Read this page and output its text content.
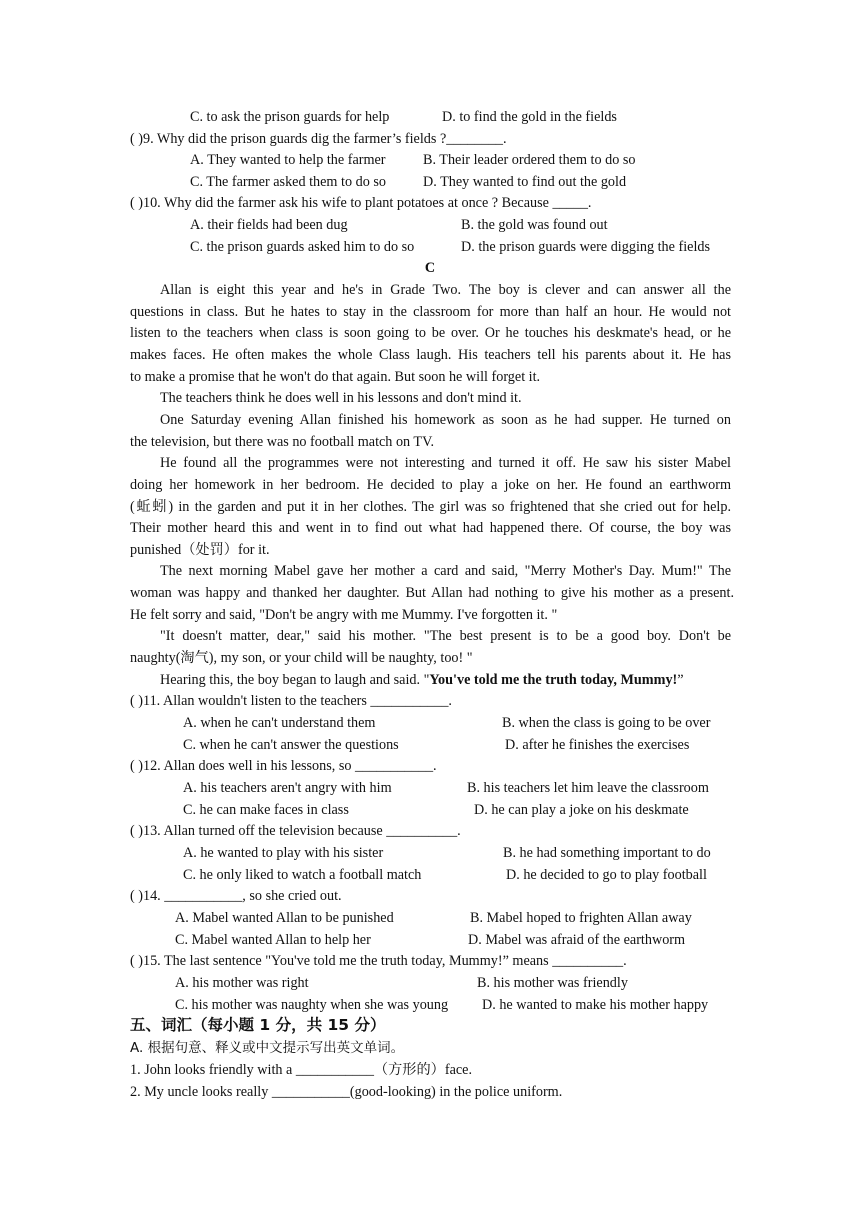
C. to ask the prison guards for help	D. to find the gold in the fields
( )9. Why did the prison guards dig the farmer’s fields ?________.
A. They wanted to help the farmer	B. Their leader ordered them to do so
C. The farmer asked them to do so	D. They wanted to find out the gold
( )10. Why did the farmer ask his wife to plant potatoes at once ? Because _____.
A. their fields had been dug	B. the gold was found out
C. the prison guards asked him to do so	D. the prison guards were digging the fields
C
Allan is eight this year and he's in Grade Two. The boy is clever and can answer all the
questions in class. But he hates to stay in the classroom for more than half an hour. He would not
listen to the teachers when class is soon going to be over. Or he touches his deskmate's head, or he
makes faces. He often makes the whole Class laugh. His teachers tell his parents about it. He has
to make a promise that he won't do that again. But soon he will forget it.
The teachers think he does well in his lessons and don't mind it.
One Saturday evening Allan finished his homework as soon as he had supper. He turned on
the television, but there was no football match on TV.
He found all the programmes were not interesting and turned it off. He saw his sister Mabel
doing her homework in her bedroom. He decided to play a joke on her. He found an earthworm
(蚯蚓) in the garden and put it in her clothes. The girl was so frightened that she cried out for help.
Their mother heard this and went in to find out what had happened there. Of course, the boy was
punished（处罚）for it.
The next morning Mabel gave her mother a card and said, "Merry Mother's Day. Mum!" The
woman was happy and thanked her daughter. But Allan had nothing to give his mother as a present.
He felt sorry and said, "Don't be angry with me Mummy. I've forgotten it. "
"It doesn't matter, dear," said his mother. "The best present is to be a good boy. Don't be
naughty(淘气), my son, or your child will be naughty, too! "
Hearing this, the boy began to laugh and said. "You've told me the truth today, Mummy!”
( )11. Allan wouldn't listen to the teachers ___________.
A. when he can't understand them	B. when the class is going to be over
C. when he can't answer the questions	D. after he finishes the exercises
( )12. Allan does well in his lessons, so ___________.
A. his teachers aren't angry with him	B. his teachers let him leave the classroom
C. he can make faces in class	D. he can play a joke on his deskmate
( )13. Allan turned off the television because __________.
A. he wanted to play with his sister	B. he had something important to do
C. he only liked to watch a football match	D. he decided to go to play football
( )14. ___________, so she cried out.
A. Mabel wanted Allan to be punished	B. Mabel hoped to frighten Allan away
C. Mabel wanted Allan to help her	D. Mabel was afraid of the earthworm
( )15. The last sentence "You've told me the truth today, Mummy!” means __________.
A. his mother was right	B. his mother was friendly
C. his mother was naughty when she was young D. he wanted to make his mother happy
五、词汇（每小题 1 分，共 15 分）
A. 根据句意、释义或中文提示写出英文单词。
1. John looks friendly with a ___________（方形的）face.
2. My uncle looks really ___________(good-looking) in the police uniform.
